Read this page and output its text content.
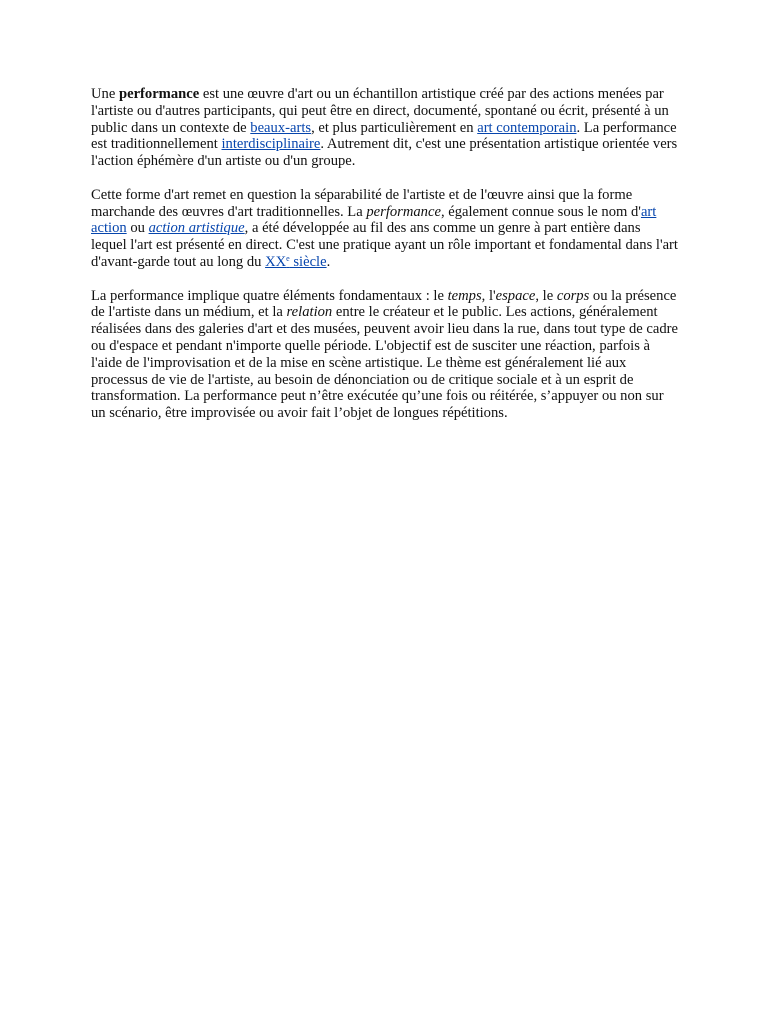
Une performance est une œuvre d'art ou un échantillon artistique créé par des actions menées par l'artiste ou d'autres participants, qui peut être en direct, documenté, spontané ou écrit, présenté à un public dans un contexte de beaux-arts, et plus particulièrement en art contemporain. La performance est traditionnellement interdisciplinaire. Autrement dit, c'est une présentation artistique orientée vers l'action éphémère d'un artiste ou d'un groupe.

Cette forme d'art remet en question la séparabilité de l'artiste et de l'œuvre ainsi que la forme marchande des œuvres d'art traditionnelles. La performance, également connue sous le nom d'art action ou action artistique, a été développée au fil des ans comme un genre à part entière dans lequel l'art est présenté en direct. C'est une pratique ayant un rôle important et fondamental dans l'art d'avant-garde tout au long du XXe siècle.

La performance implique quatre éléments fondamentaux : le temps, l'espace, le corps ou la présence de l'artiste dans un médium, et la relation entre le créateur et le public. Les actions, généralement réalisées dans des galeries d'art et des musées, peuvent avoir lieu dans la rue, dans tout type de cadre ou d'espace et pendant n'importe quelle période. L'objectif est de susciter une réaction, parfois à l'aide de l'improvisation et de la mise en scène artistique. Le thème est généralement lié aux processus de vie de l'artiste, au besoin de dénonciation ou de critique sociale et à un esprit de transformation. La performance peut n’être exécutée qu’une fois ou réitérée, s’appuyer ou non sur un scénario, être improvisée ou avoir fait l’objet de longues répétitions.
